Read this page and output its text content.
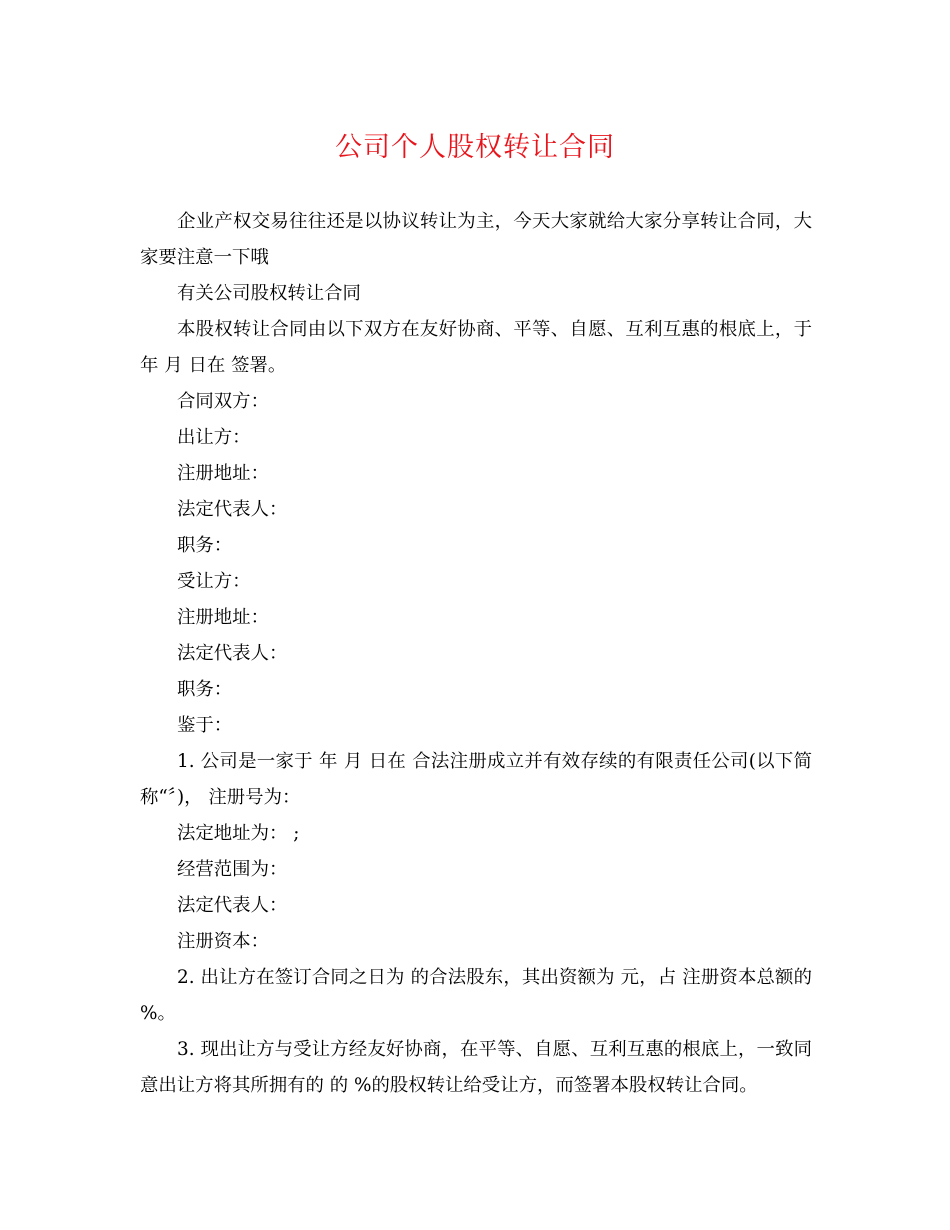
公司个人股权转让合同

企业产权交易往往还是以协议转让为主，今天大家就给大家分享转让合同，大家要注意一下哦

有关公司股权转让合同

本股权转让合同由以下双方在友好协商、平等、自愿、互利互惠的根底上，于 年 月 日在 签署。

合同双方：

出让方：

注册地址：

法定代表人：

职务：

受让方：

注册地址：

法定代表人：

职务：

鉴于：

1. 公司是一家于 年 月 日在 合法注册成立并有效存续的有限责任公司(以下简称“〞)， 注册号为：

法定地址为： ;

经营范围为：

法定代表人：

注册资本：

2. 出让方在签订合同之日为 的合法股东，其出资额为 元，占 注册资本总额的 %。

3. 现出让方与受让方经友好协商，在平等、自愿、互利互惠的根底上，一致同意出让方将其所拥有的 的 %的股权转让给受让方，而签署本股权转让合同。
